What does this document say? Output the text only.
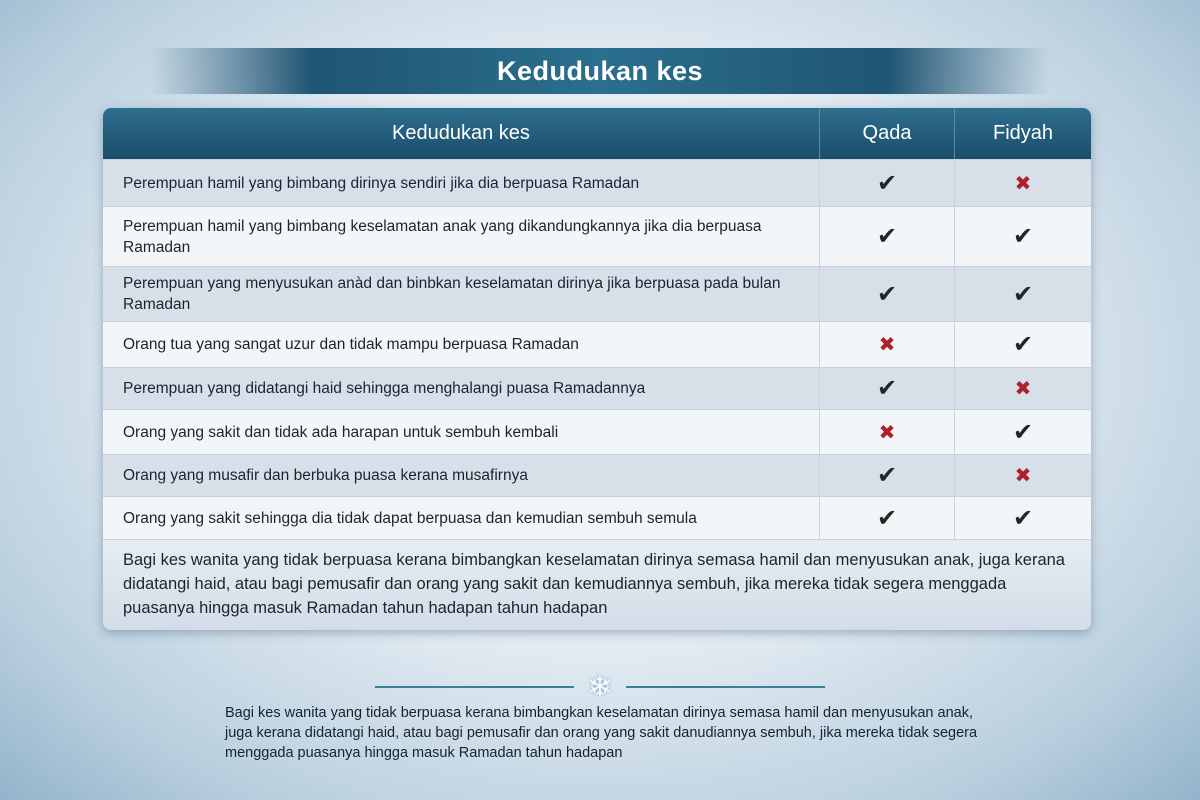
Kedudukan kes
Kedudukan kes	Qada	Fidyah
Perempuan hamil yang bimbang dirinya sendiri jika dia berpuasa Ramadan	✔	✖
Perempuan hamil yang bimbang keselamatan anak yang dikandungkannya jika dia berpuasa Ramadan	✔	✔
Perempuan yang menyusukan anàd dan binbkan keselamatan dirinya jika berpuasa pada bulan Ramadan	✔	✔
Orang tua yang sangat uzur dan tidak mampu berpuasa Ramadan	✖	✔
Perempuan yang didatangi haid sehingga menghalangi puasa Ramadannya	✔	✖
Orang yang sakit dan tidak ada harapan untuk sembuh kembali	✖	✔
Orang yang musafir dan berbuka puasa kerana musafirnya	✔	✖
Orang yang sakit sehingga dia tidak dapat berpuasa dan kemudian sembuh semula	✔	✔
Bagi kes wanita yang tidak berpuasa kerana bimbangkan keselamatan dirinya semasa hamil dan menyusukan anak, juga kerana didatangi haid, atau bagi pemusafir dan orang yang sakit dan kemudiannya sembuh, jika mereka tidak segera menggada puasanya hingga masuk Ramadan tahun hadapan tahun hadapan
❄
Bagi kes wanita yang tidak berpuasa kerana bimbangkan keselamatan dirinya semasa hamil dan menyusukan anak, juga kerana didatangi haid, atau bagi pemusafir dan orang yang sakit danudiannya sembuh, jika mereka tidak segera menggada puasanya hingga masuk Ramadan tahun hadapan
